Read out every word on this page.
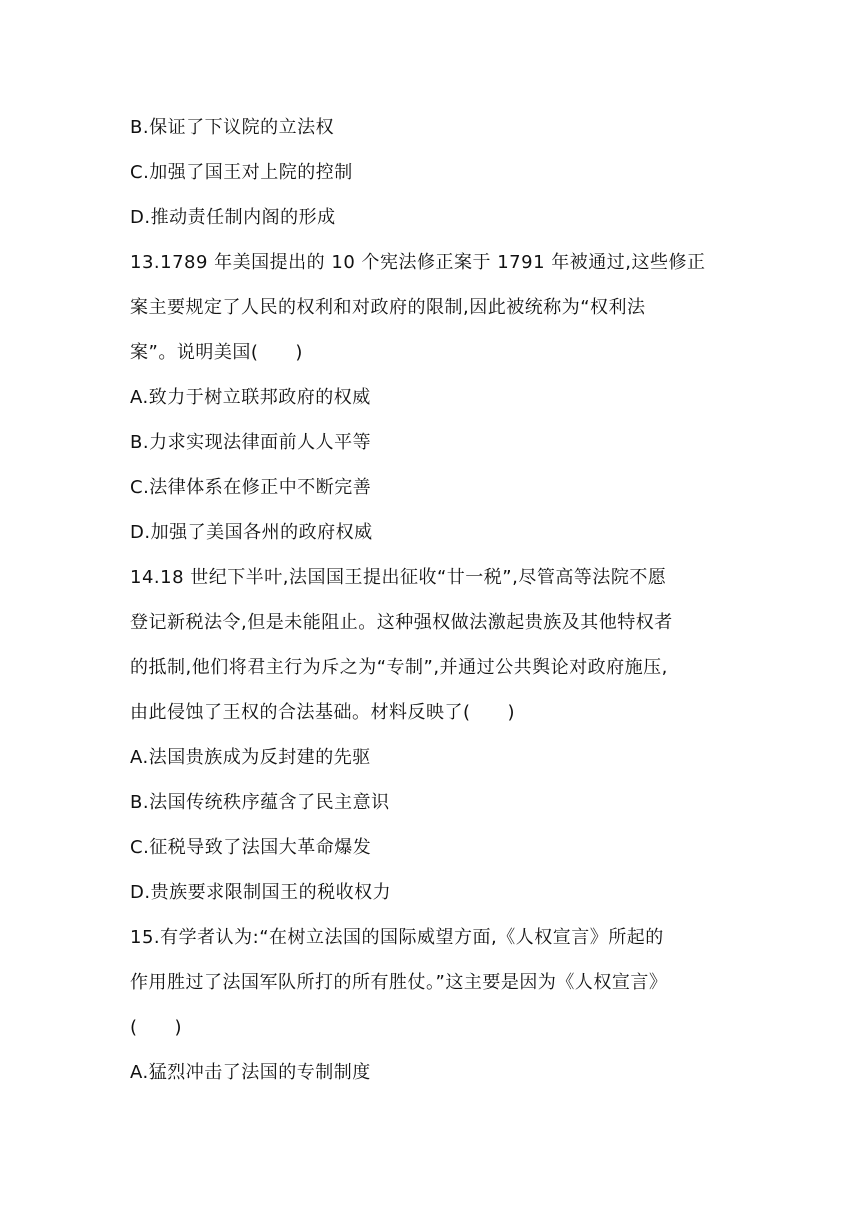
B.保证了下议院的立法权
C.加强了国王对上院的控制
D.推动责任制内阁的形成
13.1789 年美国提出的 10 个宪法修正案于 1791 年被通过,这些修正
案主要规定了人民的权利和对政府的限制,因此被统称为“权利法
案”。说明美国(　　)
A.致力于树立联邦政府的权威
B.力求实现法律面前人人平等
C.法律体系在修正中不断完善
D.加强了美国各州的政府权威
14.18 世纪下半叶,法国国王提出征收“廿一税”,尽管高等法院不愿
登记新税法令,但是未能阻止。这种强权做法激起贵族及其他特权者
的抵制,他们将君主行为斥之为“专制”,并通过公共舆论对政府施压,
由此侵蚀了王权的合法基础。材料反映了(　　)
A.法国贵族成为反封建的先驱
B.法国传统秩序蕴含了民主意识
C.征税导致了法国大革命爆发
D.贵族要求限制国王的税收权力
15.有学者认为:“在树立法国的国际威望方面,《人权宣言》所起的
作用胜过了法国军队所打的所有胜仗。”这主要是因为《人权宣言》
(　　)
A.猛烈冲击了法国的专制制度
